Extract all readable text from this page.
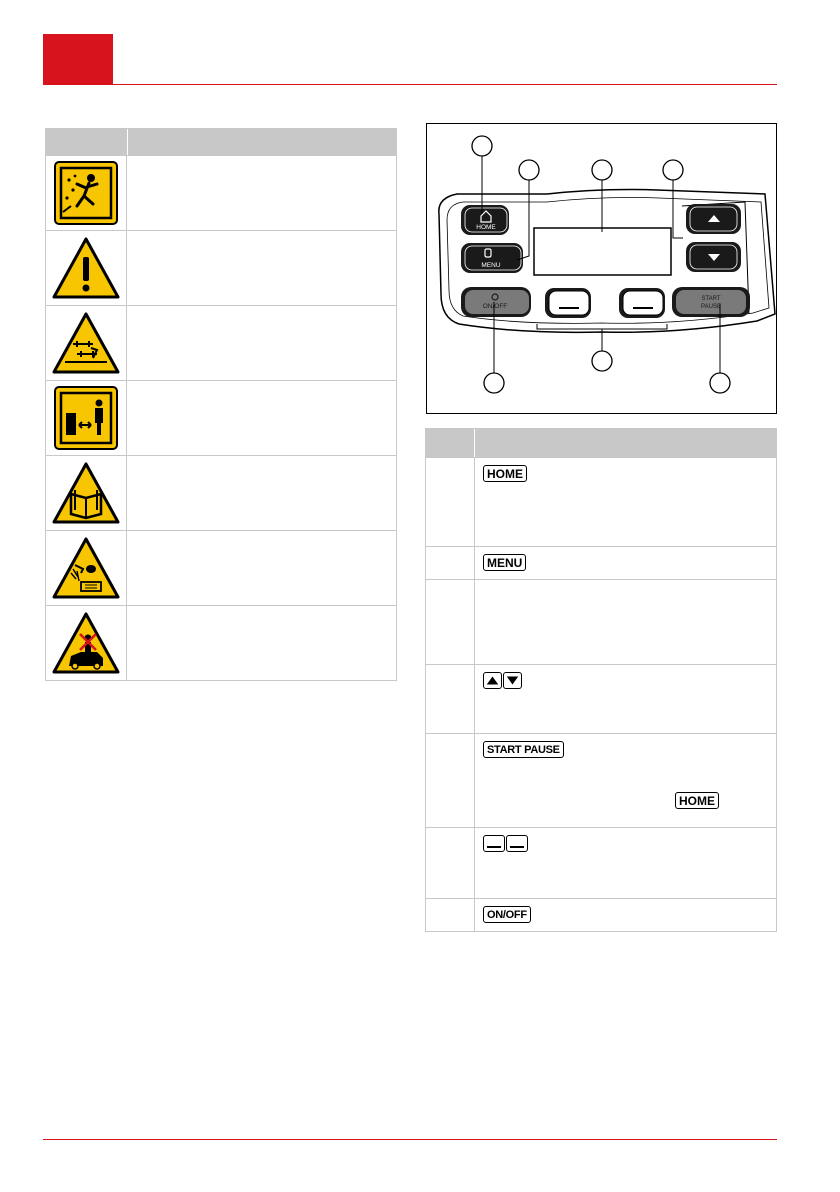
HOME
MENU
ON/OFF
START
PAUSE
HOME
MENU
START PAUSE
HOME
ON/OFF
